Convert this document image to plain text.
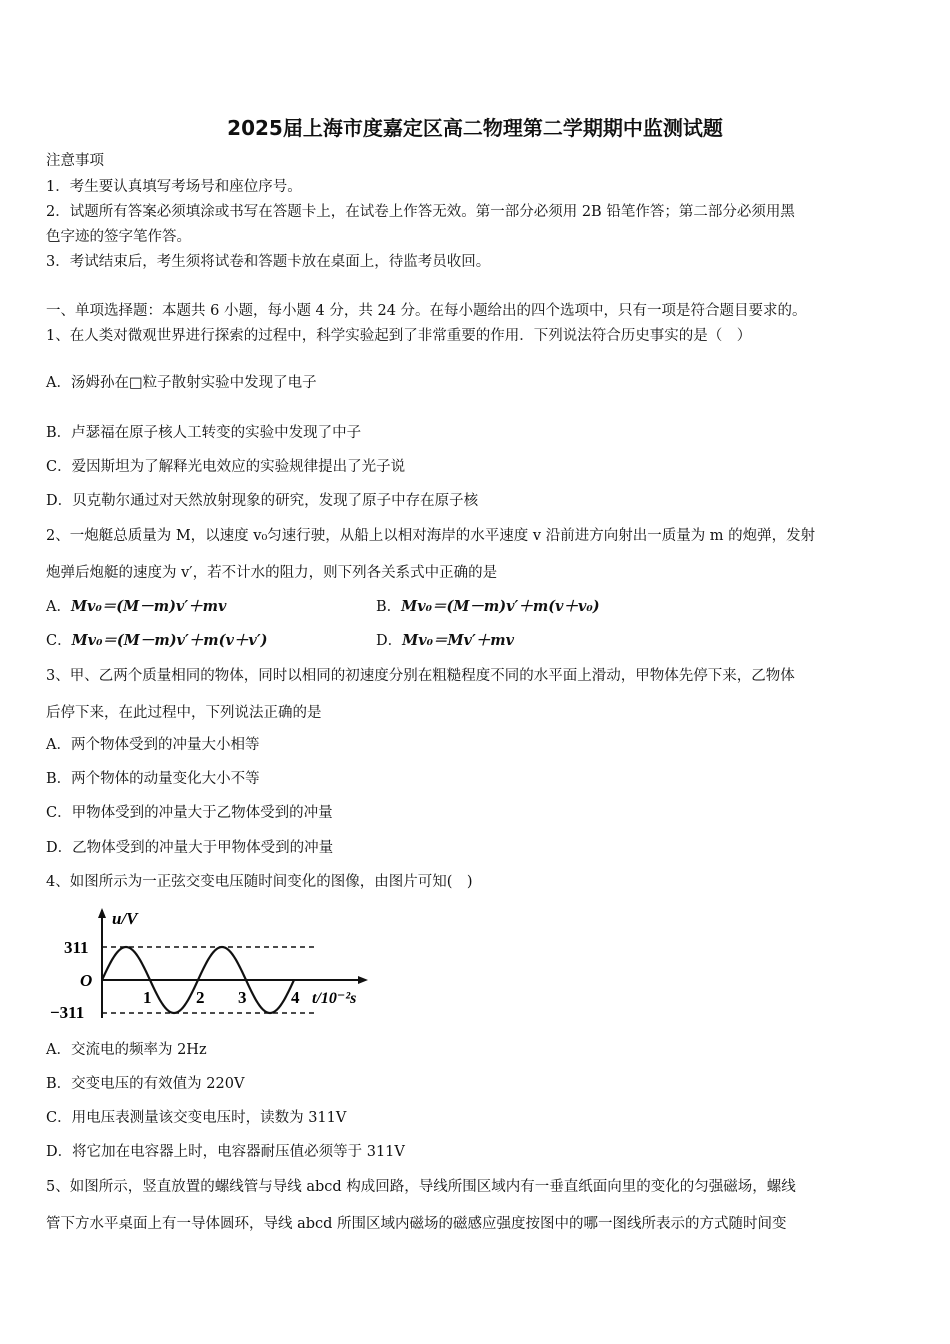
2025届上海市度嘉定区高二物理第二学期期中监测试题
注意事项
1．考生要认真填写考场号和座位序号。
2．试题所有答案必须填涂或书写在答题卡上，在试卷上作答无效。第一部分必须用 2B 铅笔作答；第二部分必须用黑
色字迹的签字笔作答。
3．考试结束后，考生须将试卷和答题卡放在桌面上，待监考员收回。
一、单项选择题：本题共 6 小题，每小题 4 分，共 24 分。在每小题给出的四个选项中，只有一项是符合题目要求的。
1、在人类对微观世界进行探索的过程中，科学实验起到了非常重要的作用．下列说法符合历史事实的是（　）
A．汤姆孙在□粒子散射实验中发现了电子
B．卢瑟福在原子核人工转变的实验中发现了中子
C．爱因斯坦为了解释光电效应的实验规律提出了光子说
D．贝克勒尔通过对天然放射现象的研究，发现了原子中存在原子核
2、一炮艇总质量为 M，以速度 v₀匀速行驶，从船上以相对海岸的水平速度 v 沿前进方向射出一质量为 m 的炮弹，发射
炮弹后炮艇的速度为 v′，若不计水的阻力，则下列各关系式中正确的是
A．Mv₀＝(M－m)v′＋mv	B．Mv₀＝(M－m)v′＋m(v＋v₀)
C．Mv₀＝(M－m)v′＋m(v＋v′)	D．Mv₀＝Mv′＋mv
3、甲、乙两个质量相同的物体，同时以相同的初速度分别在粗糙程度不同的水平面上滑动，甲物体先停下来，乙物体
后停下来，在此过程中，下列说法正确的是
A．两个物体受到的冲量大小相等
B．两个物体的动量变化大小不等
C．甲物体受到的冲量大于乙物体受到的冲量
D．乙物体受到的冲量大于甲物体受到的冲量
4、如图所示为一正弦交变电压随时间变化的图像，由图片可知(　)
u/V
311
O
−311
1	2 3	4 t/10⁻²s
A．交流电的频率为 2Hz
B．交变电压的有效值为 220V
C．用电压表测量该交变电压时，读数为 311V
D．将它加在电容器上时，电容器耐压值必须等于 311V
5、如图所示，竖直放置的螺线管与导线 abcd 构成回路，导线所围区域内有一垂直纸面向里的变化的匀强磁场，螺线
管下方水平桌面上有一导体圆环，导线 abcd 所围区域内磁场的磁感应强度按图中的哪一图线所表示的方式随时间变
